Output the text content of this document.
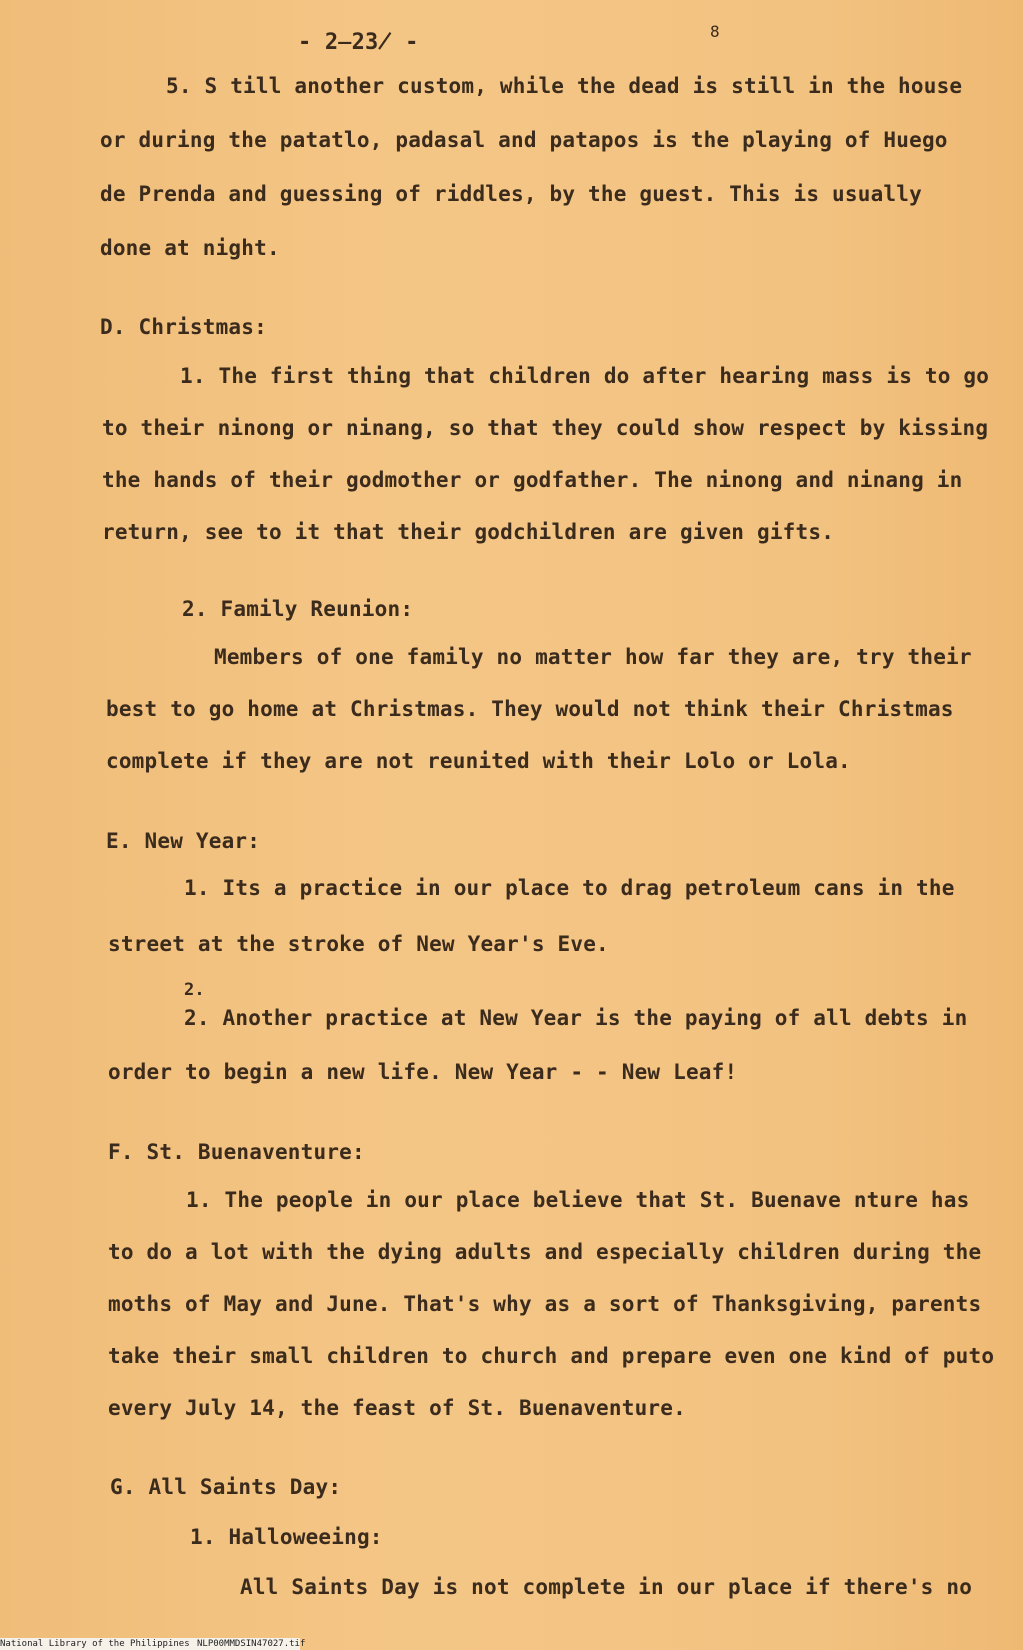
- 2̶23̸ -	8
5. S till another custom, while the dead is still in the house
or during the patatlo, padasal and patapos is the playing of Huego
de Prenda and guessing of riddles, by the guest. This is usually
done at night.
D. Christmas:
1. The first thing that children do after hearing mass is to go
to their ninong or ninang, so that they could show respect by kissing
the hands of their godmother or godfather. The ninong and ninang in
return, see to it that their godchildren are given gifts.
2. Family Reunion:
Members of one family no matter how far they are, try their
best to go home at Christmas. They would not think their Christmas
complete if they are not reunited with their Lolo or Lola.
E. New Year:
1. Its a practice in our place to drag petroleum cans in the
street at the stroke of New Year's Eve.
2.
2. Another practice at New Year is the paying of all debts in
order to begin a new life. New Year - - New Leaf!
F. St. Buenaventure:
1. The people in our place believe that St. Buenave nture has
to do a lot with the dying adults and especially children during the
moths of May and June. That's why as a sort of Thanksgiving, parents
take their small children to church and prepare even one kind of puto
every July 14, the feast of St. Buenaventure.
G. All Saints Day:
1. Halloweeing:
All Saints Day is not complete in our place if there's no
National Library of the Philippines NLP00MMDSIN47027.tif
